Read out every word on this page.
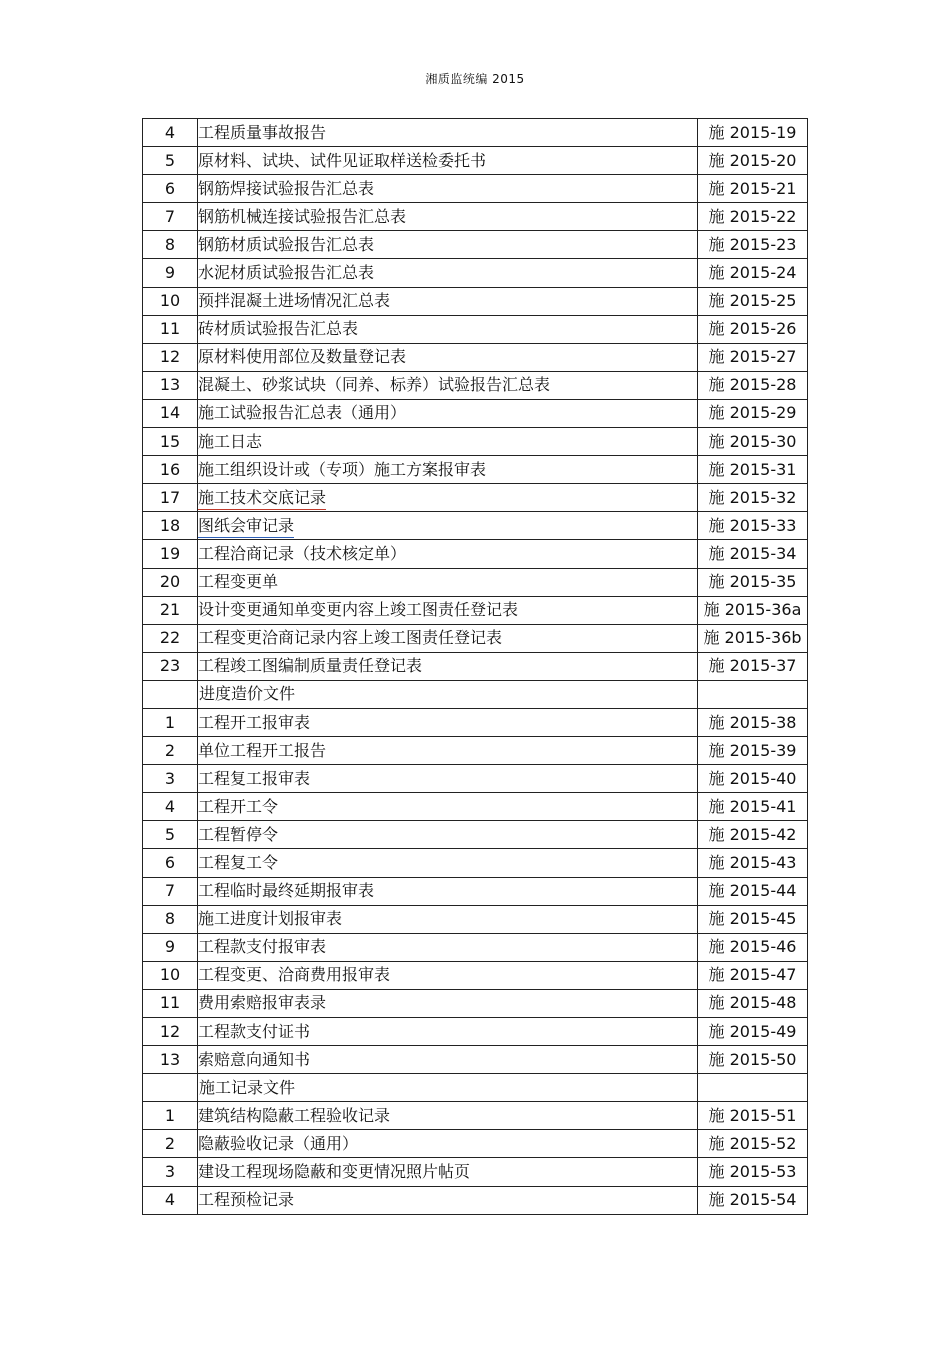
湘质监统编 2015
4	工程质量事故报告	施 2015-19
5	原材料、试块、试件见证取样送检委托书	施 2015-20
6	钢筋焊接试验报告汇总表	施 2015-21
7	钢筋机械连接试验报告汇总表	施 2015-22
8	钢筋材质试验报告汇总表	施 2015-23
9	水泥材质试验报告汇总表	施 2015-24
10	预拌混凝土进场情况汇总表	施 2015-25
11	砖材质试验报告汇总表	施 2015-26
12	原材料使用部位及数量登记表	施 2015-27
13	混凝土、砂浆试块（同养、标养）试验报告汇总表	施 2015-28
14	施工试验报告汇总表（通用）	施 2015-29
15	施工日志	施 2015-30
16	施工组织设计或（专项）施工方案报审表	施 2015-31
17	施工技术交底记录	施 2015-32
18	图纸会审记录	施 2015-33
19	工程洽商记录（技术核定单）	施 2015-34
20	工程变更单	施 2015-35
21	设计变更通知单变更内容上竣工图责任登记表	施 2015-36a
22	工程变更洽商记录内容上竣工图责任登记表	施 2015-36b
23	工程竣工图编制质量责任登记表	施 2015-37
	进度造价文件	
1	工程开工报审表	施 2015-38
2	单位工程开工报告	施 2015-39
3	工程复工报审表	施 2015-40
4	工程开工令	施 2015-41
5	工程暂停令	施 2015-42
6	工程复工令	施 2015-43
7	工程临时最终延期报审表	施 2015-44
8	施工进度计划报审表	施 2015-45
9	工程款支付报审表	施 2015-46
10	工程变更、洽商费用报审表	施 2015-47
11	费用索赔报审表录	施 2015-48
12	工程款支付证书	施 2015-49
13	索赔意向通知书	施 2015-50
	施工记录文件	
1	建筑结构隐蔽工程验收记录	施 2015-51
2	隐蔽验收记录（通用）	施 2015-52
3	建设工程现场隐蔽和变更情况照片帖页	施 2015-53
4	工程预检记录	施 2015-54
